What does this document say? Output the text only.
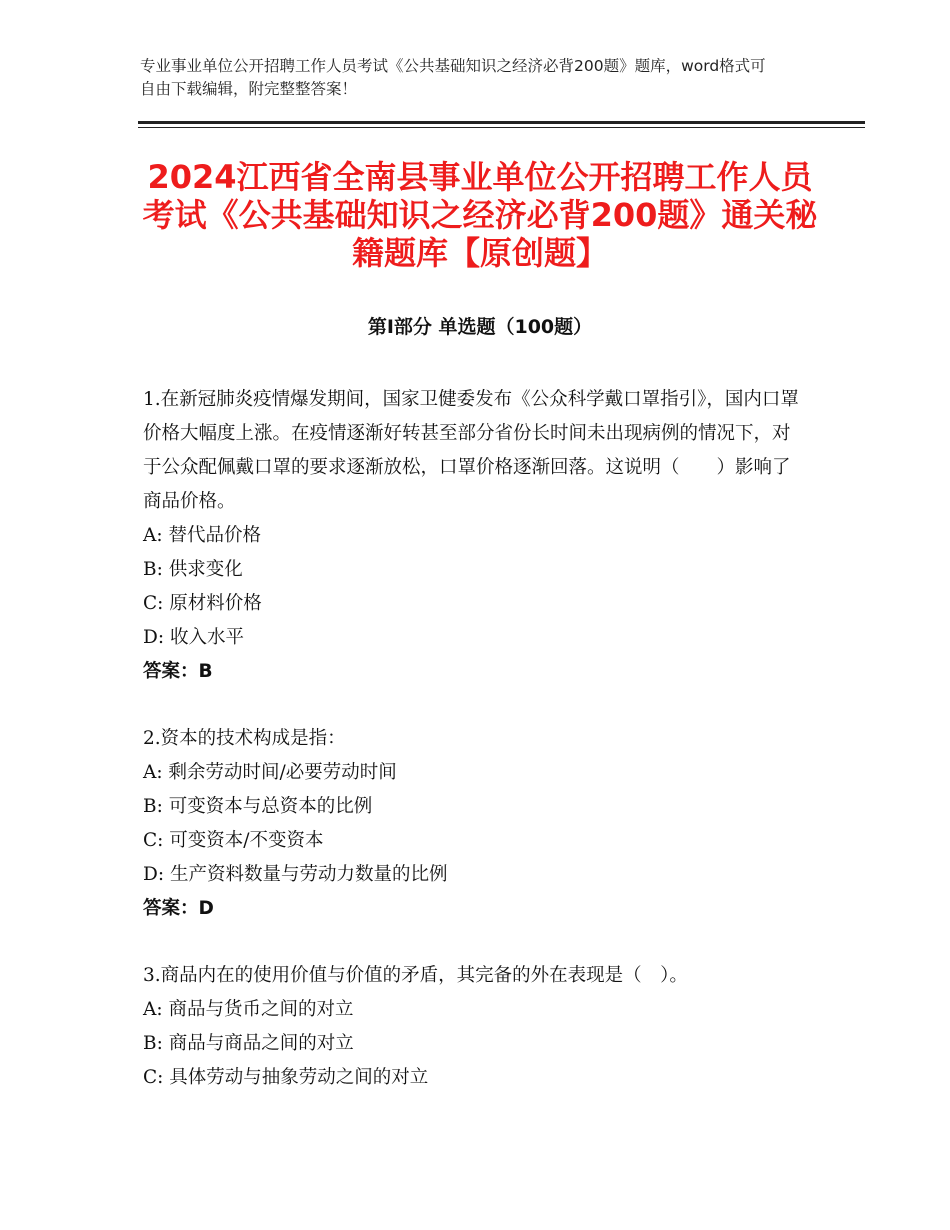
专业事业单位公开招聘工作人员考试《公共基础知识之经济必背200题》题库，word格式可自由下载编辑，附完整整答案！
2024江西省全南县事业单位公开招聘工作人员考试《公共基础知识之经济必背200题》通关秘籍题库【原创题】
第I部分 单选题（100题）

1.在新冠肺炎疫情爆发期间，国家卫健委发布《公众科学戴口罩指引》，国内口罩价格大幅度上涨。在疫情逐渐好转甚至部分省份长时间未出现病例的情况下，对于公众配佩戴口罩的要求逐渐放松，口罩价格逐渐回落。这说明（　　）影响了商品价格。

A: 替代品价格

B: 供求变化

C: 原材料价格

D: 收入水平

答案：B

2.资本的技术构成是指：

A: 剩余劳动时间/必要劳动时间

B: 可变资本与总资本的比例

C: 可变资本/不变资本

D: 生产资料数量与劳动力数量的比例

答案：D

3.商品内在的使用价值与价值的矛盾，其完备的外在表现是（　）。

A: 商品与货币之间的对立

B: 商品与商品之间的对立

C: 具体劳动与抽象劳动之间的对立
